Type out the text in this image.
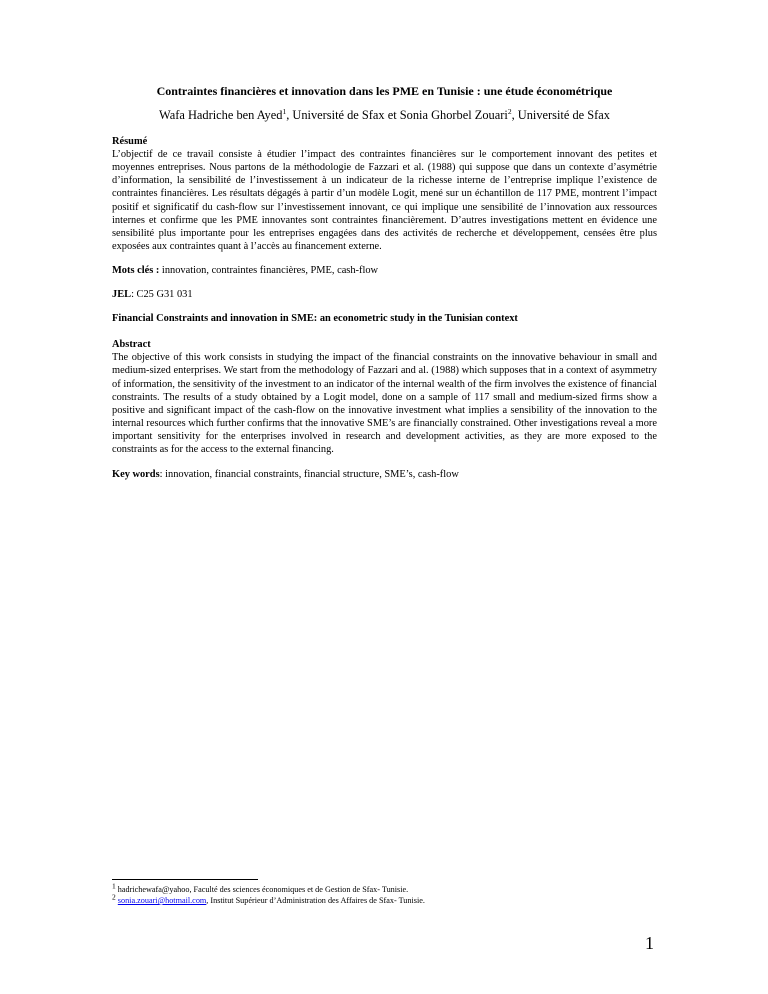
Contraintes financières et innovation dans les PME en Tunisie : une étude économétrique

Wafa Hadriche ben Ayed$^1$, Université de Sfax et Sonia Ghorbel Zouari$^2$, Université de Sfax

Résumé

L’objectif de ce travail consiste à étudier l’impact des contraintes financières sur le comportement innovant des petites et moyennes entreprises. Nous partons de la méthodologie de Fazzari et al. (1988) qui suppose que dans un contexte d’asymétrie d’information, la sensibilité de l’investissement à un indicateur de la richesse interne de l’entreprise implique l’existence de contraintes financières. Les résultats dégagés à partir d’un modèle Logit, mené sur un échantillon de 117 PME, montrent l’impact positif et significatif du cash-flow sur l’investissement innovant, ce qui implique une sensibilité de l’innovation aux ressources internes et confirme que les PME innovantes sont contraintes financièrement. D’autres investigations mettent en évidence une sensibilité plus importante pour les entreprises engagées dans des activités de recherche et développement, censées être plus exposées aux contraintes quant à l’accès au financement externe.

Mots clés : innovation, contraintes financières, PME, cash-flow

JEL: C25 G31 031

Financial Constraints and innovation in SME: an econometric study in the Tunisian context

Abstract

The objective of this work consists in studying the impact of the financial constraints on the innovative behaviour in small and medium-sized enterprises. We start from the methodology of Fazzari and al. (1988) which supposes that in a context of asymmetry of information, the sensitivity of the investment to an indicator of the internal wealth of the firm involves the existence of financial constraints. The results of a study obtained by a Logit model, done on a sample of 117 small and medium-sized firms show a positive and significant impact of the cash-flow on the innovative investment what implies a sensibility of the innovation to the internal resources which further confirms that the innovative SME’s are financially constrained. Other investigations reveal a more important sensitivity for the enterprises involved in research and development activities, as they are more exposed to the constraints as for the access to the external financing.

Key words: innovation, financial constraints, financial structure, SME’s, cash-flow

$^1$ hadrichewafa@yahoo, Faculté des sciences économiques et de Gestion de Sfax- Tunisie.

$^2$ sonia.zouari@hotmail.com, Institut Supérieur d’Administration des Affaires de Sfax- Tunisie.

1
